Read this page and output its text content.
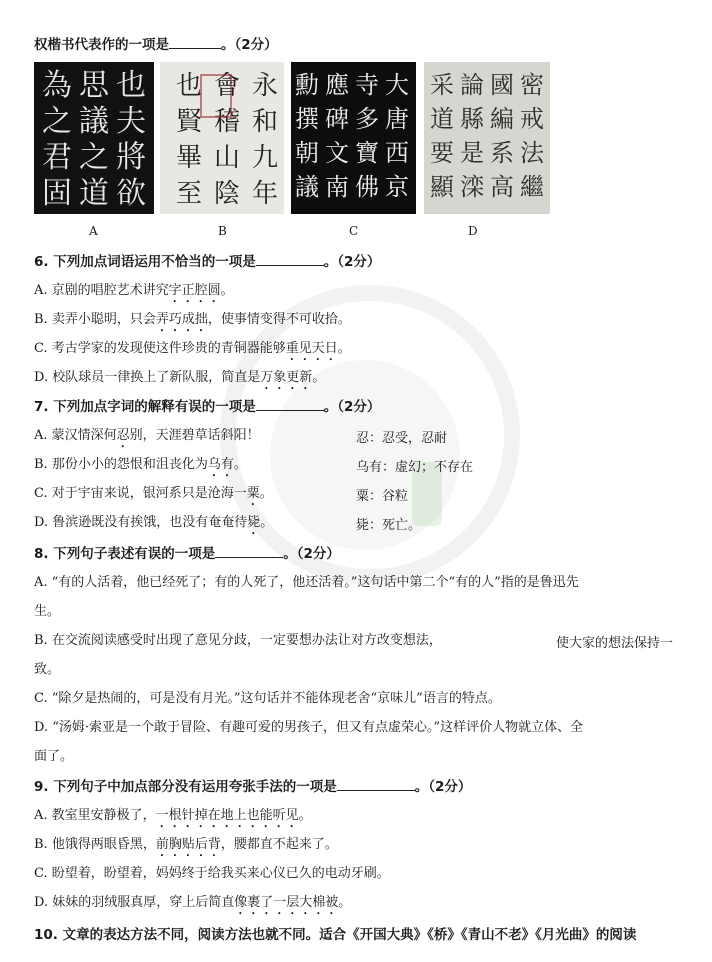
权楷书代表作的一项是	。（2分）
也
夫
將
欲
思
議
之
道
為
之
君
固
永
和
九
年
會
稽
山
陰
也
賢
畢
至
大
唐
西
京
寺
多
寶
佛
應
碑
文
南
勳
撰
朝
議
密
戒
法
繼
國
編
系
高
論
縣
是
滦
采
道
要
顯
A	B	C	D
6. 下列加点词语运用不恰当的一项是	。（2分）
A. 京剧的唱腔艺术讲究字正腔圆。
B. 卖弄小聪明，只会弄巧成拙，使事情变得不可收拾。
C. 考古学家的发现使这件珍贵的青铜器能够重见天日。
D. 校队球员一律换上了新队服，简直是万象更新。
7. 下列加点字词的解释有误的一项是	。（2分）
A. 蒙汉情深何忍别，天涯碧草话斜阳！	忍：忍受，忍耐
B. 那份小小的怨恨和沮丧化为乌有。	乌有：虚幻；不存在
C. 对于宇宙来说，银河系只是沧海一粟。	粟：谷粒
D. 鲁滨逊既没有挨饿，也没有奄奄待毙。	毙：死亡。
8. 下列句子表述有误的一项是	。（2分）
A. “有的人活着，他已经死了；有的人死了，他还活着。”这句话中第二个“有的人”指的是鲁迅先
生。
B. 在交流阅读感受时出现了意见分歧，一定要想办法让对方改变想法，	使大家的想法保持一
致。
C. “除夕是热闹的，可是没有月光。”这句话并不能体现老舍“京味儿”语言的特点。
D. “汤姆·索亚是一个敢于冒险、有趣可爱的男孩子，但又有点虚荣心。”这样评价人物就立体、全
面了。
9. 下列句子中加点部分没有运用夸张手法的一项是	。（2分）
A. 教室里安静极了，一根针掉在地上也能听见。
B. 他饿得两眼昏黑，前胸贴后背，腰都直不起来了。
C. 盼望着，盼望着，妈妈终于给我买来心仪已久的电动牙刷。
D. 妹妹的羽绒服真厚，穿上后简直像裹了一层大棉被。
10. 文章的表达方法不同，阅读方法也就不同。适合《开国大典》《桥》《青山不老》《月光曲》的阅读
